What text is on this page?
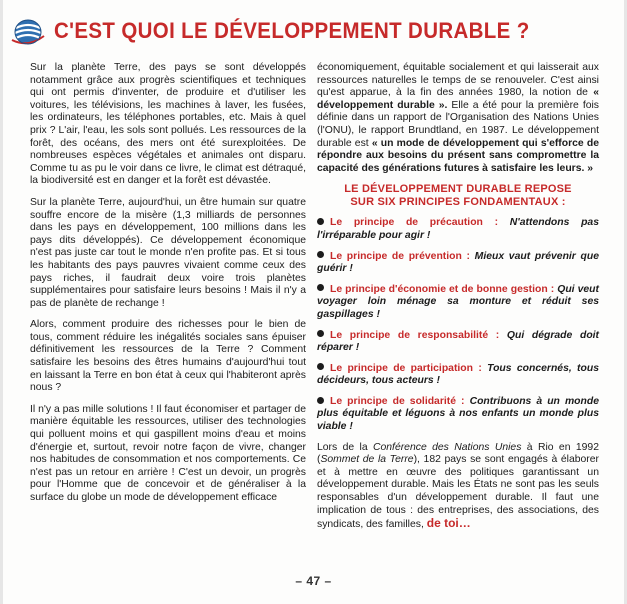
C'EST QUOI LE DÉVELOPPEMENT DURABLE ?

Sur la planète Terre, des pays se sont développés notamment grâce aux progrès scientifiques et techniques qui ont permis d'inventer, de produire et d'utiliser les voitures, les télévisions, les machines à laver, les fusées, les ordinateurs, les téléphones portables, etc. Mais à quel prix ? L'air, l'eau, les sols sont pollués. Les ressources de la forêt, des océans, des mers ont été surexploitées. De nombreuses espèces végétales et animales ont disparu. Comme tu as pu le voir dans ce livre, le climat est détraqué, la biodiversité est en danger et la forêt est dévastée.

Sur la planète Terre, aujourd'hui, un être humain sur quatre souffre encore de la misère (1,3 milliards de personnes dans les pays en développement, 100 millions dans les pays dits développés). Ce développement économique n'est pas juste car tout le monde n'en profite pas. Et si tous les habitants des pays pauvres vivaient comme ceux des pays riches, il faudrait deux voire trois planètes supplémentaires pour satisfaire leurs besoins ! Mais il n'y a pas de planète de rechange !

Alors, comment produire des richesses pour le bien de tous, comment réduire les inégalités sociales sans épuiser définitivement les ressources de la Terre ? Comment satisfaire les besoins des êtres humains d'aujourd'hui tout en laissant la Terre en bon état à ceux qui l'habiteront après nous ?

Il n'y a pas mille solutions ! Il faut économiser et partager de manière équitable les ressources, utiliser des technologies qui polluent moins et qui gaspillent moins d'eau et moins d'énergie et, surtout, revoir notre façon de vivre, changer nos habitudes de consommation et nos comportements. Ce n'est pas un retour en arrière ! C'est un devoir, un progrès pour l'Homme que de concevoir et de généraliser à la surface du globe un mode de développement efficace

économiquement, équitable socialement et qui laisserait aux ressources naturelles le temps de se renouveler. C'est ainsi qu'est apparue, à la fin des années 1980, la notion de « développement durable ». Elle a été pour la première fois définie dans un rapport de l'Organisation des Nations Unies (l'ONU), le rapport Brundtland, en 1987. Le développement durable est « un mode de développement qui s'efforce de répondre aux besoins du présent sans compromettre la capacité des générations futures à satisfaire les leurs. »

LE DÉVELOPPEMENT DURABLE REPOSE
SUR SIX PRINCIPES FONDAMENTAUX :

Le principe de précaution : N'attendons pas l'irréparable pour agir !

Le principe de prévention : Mieux vaut prévenir que guérir !

Le principe d'économie et de bonne gestion : Qui veut voyager loin ménage sa monture et réduit ses gaspillages !

Le principe de responsabilité : Qui dégrade doit réparer !

Le principe de participation : Tous concernés, tous décideurs, tous acteurs !

Le principe de solidarité : Contribuons à un monde plus équitable et léguons à nos enfants un monde plus viable !

Lors de la Conférence des Nations Unies à Rio en 1992 (Sommet de la Terre), 182 pays se sont engagés à élaborer et à mettre en œuvre des politiques garantissant un développement durable. Mais les États ne sont pas les seuls responsables d'un développement durable. Il faut une implication de tous : des entreprises, des associations, des syndicats, des familles, de toi…

– 47 –
